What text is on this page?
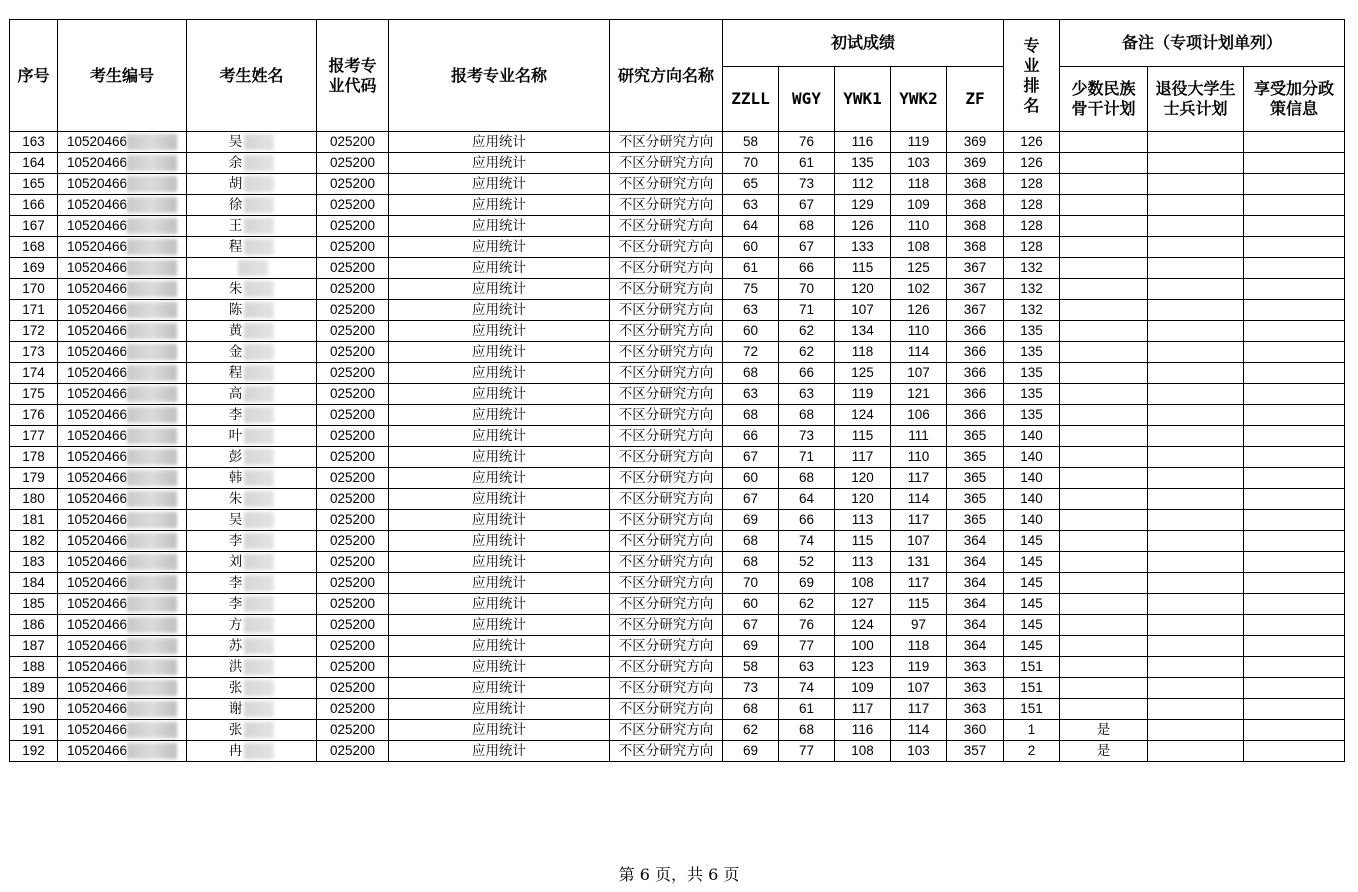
序号	考生编号	考生姓名	报考专业代码	报考专业名称	研究方向名称	初试成绩					专业排名	备注（专项计划单列）		
						ZZLL	WGY	YWK1	YWK2	ZF		少数民族骨干计划	退役大学生士兵计划	享受加分政策信息
163	10520466	吴	025200	应用统计	不区分研究方向	58	76	116	119	369	126			
164	10520466	余	025200	应用统计	不区分研究方向	70	61	135	103	369	126			
165	10520466	胡	025200	应用统计	不区分研究方向	65	73	112	118	368	128			
166	10520466	徐	025200	应用统计	不区分研究方向	63	67	129	109	368	128			
167	10520466	王	025200	应用统计	不区分研究方向	64	68	126	110	368	128			
168	10520466	程	025200	应用统计	不区分研究方向	60	67	133	108	368	128			
169	10520466		025200	应用统计	不区分研究方向	61	66	115	125	367	132			
170	10520466	朱	025200	应用统计	不区分研究方向	75	70	120	102	367	132			
171	10520466	陈	025200	应用统计	不区分研究方向	63	71	107	126	367	132			
172	10520466	黄	025200	应用统计	不区分研究方向	60	62	134	110	366	135			
173	10520466	金	025200	应用统计	不区分研究方向	72	62	118	114	366	135			
174	10520466	程	025200	应用统计	不区分研究方向	68	66	125	107	366	135			
175	10520466	高	025200	应用统计	不区分研究方向	63	63	119	121	366	135			
176	10520466	李	025200	应用统计	不区分研究方向	68	68	124	106	366	135			
177	10520466	叶	025200	应用统计	不区分研究方向	66	73	115	111	365	140			
178	10520466	彭	025200	应用统计	不区分研究方向	67	71	117	110	365	140			
179	10520466	韩	025200	应用统计	不区分研究方向	60	68	120	117	365	140			
180	10520466	朱	025200	应用统计	不区分研究方向	67	64	120	114	365	140			
181	10520466	吴	025200	应用统计	不区分研究方向	69	66	113	117	365	140			
182	10520466	李	025200	应用统计	不区分研究方向	68	74	115	107	364	145			
183	10520466	刘	025200	应用统计	不区分研究方向	68	52	113	131	364	145			
184	10520466	李	025200	应用统计	不区分研究方向	70	69	108	117	364	145			
185	10520466	李	025200	应用统计	不区分研究方向	60	62	127	115	364	145			
186	10520466	方	025200	应用统计	不区分研究方向	67	76	124	97	364	145			
187	10520466	苏	025200	应用统计	不区分研究方向	69	77	100	118	364	145			
188	10520466	洪	025200	应用统计	不区分研究方向	58	63	123	119	363	151			
189	10520466	张	025200	应用统计	不区分研究方向	73	74	109	107	363	151			
190	10520466	谢	025200	应用统计	不区分研究方向	68	61	117	117	363	151			
191	10520466	张	025200	应用统计	不区分研究方向	62	68	116	114	360	1	是		
192	10520466	冉	025200	应用统计	不区分研究方向	69	77	108	103	357	2	是		
第 6 页，共 6 页
